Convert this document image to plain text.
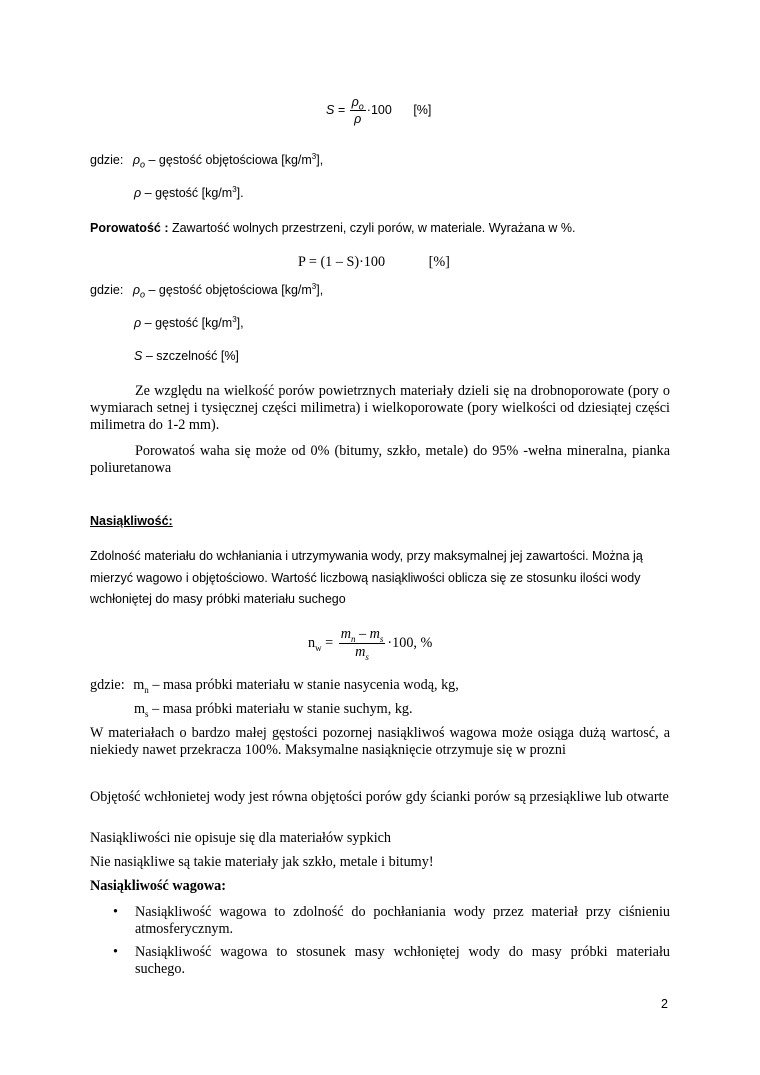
$S = \frac{\rho_o}{\rho} \cdot 100$ [%]
gdzie: $\rho_o$ – gęstość objętościowa $[kg/m^3]$,
ρ – gęstość $[kg/m^3]$.
Porowatość : Zawartość wolnych przestrzeni, czyli porów, w materiale. Wyrażana w %.
P = (1 – S)·100	[%]
gdzie: $\rho_o$ – gęstość objętościowa $[kg/m^3]$,
ρ – gęstość $[kg/m^3]$,
S – szczelność [%]
Ze względu na wielkość porów powietrznych materiały dzieli się na drobnoporowate (pory o wymiarach setnej i tysięcznej części milimetra) i wielkoporowate (pory wielkości od dziesiątej części milimetra do 1-2 mm).
Porowatoś waha się może od 0% (bitumy, szkło, metale) do 95% -wełna mineralna, pianka poliuretanowa
Nasiąkliwość:
Zdolność materiału do wchłaniania i utrzymywania wody, przy maksymalnej jej zawartości. Można ją mierzyć wagowo i objętościowo. Wartość liczbową nasiąkliwości oblicza się ze stosunku ilości wody wchłoniętej do masy próbki materiału suchego
$n_w = \frac{m_n - m_s}{m_s} \cdot 100$, %
gdzie: $m_n$ – masa próbki materiału w stanie nasycenia wodą, kg,
$m_s$ – masa próbki materiału w stanie suchym, kg.
W materiałach o bardzo małej gęstości pozornej nasiąkliwoś wagowa może osiąga dużą wartosć, a niekiedy nawet przekracza 100%. Maksymalne nasiąknięcie otrzymuje się w prozni
Objętość wchłonietej wody jest równa objętości porów gdy ścianki porów są przesiąkliwe lub otwarte
Nasiąkliwości nie opisuje się dla materiałów sypkich
Nie nasiąkliwe są takie materiały jak szkło, metale i bitumy!
Nasiąkliwość wagowa:
• Nasiąkliwość wagowa to zdolność do pochłaniania wody przez materiał przy ciśnieniu atmosferycznym.
• Nasiąkliwość wagowa to stosunek masy wchłoniętej wody do masy próbki materiału suchego.
2
